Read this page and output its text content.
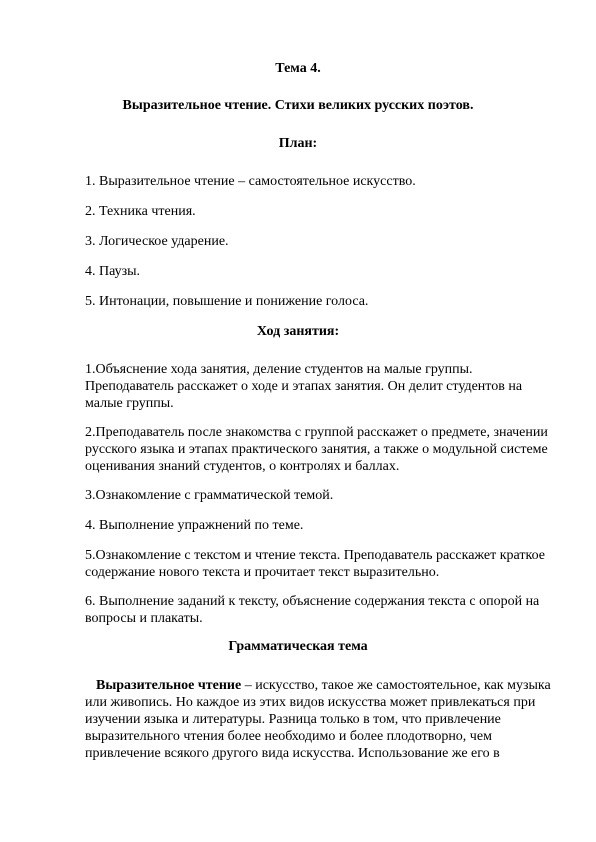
Тема 4.
Выразительное чтение. Стихи великих русских поэтов.
План:
1. Выразительное чтение – самостоятельное искусство.
2. Техника чтения.
3. Логическое ударение.
4. Паузы.
5. Интонации, повышение и понижение голоса.
Ход занятия:
1.Объяснение хода занятия, деление студентов на малые группы.
Преподаватель расскажет о ходе и этапах занятия. Он делит студентов на
малые группы.
2.Преподаватель после знакомства с группой расскажет о предмете, значении
русского языка и этапах практического занятия, а также о модульной системе
оценивания знаний студентов, о контролях и баллах.
3.Ознакомление с грамматической темой.
4. Выполнение упражнений по теме.
5.Ознакомление с текстом и чтение текста. Преподаватель расскажет краткое
содержание нового текста и прочитает текст выразительно.
6. Выполнение заданий к тексту, объяснение содержания текста с опорой на
вопросы и плакаты.
Грамматическая тема
Выразительное чтение – искусство, такое же самостоятельное, как музыка
или живопись. Но каждое из этих видов искусства может привлекаться при
изучении языка и литературы. Разница только в том, что привлечение
выразительного чтения более необходимо и более плодотворно, чем
привлечение всякого другого вида искусства. Использование же его в
